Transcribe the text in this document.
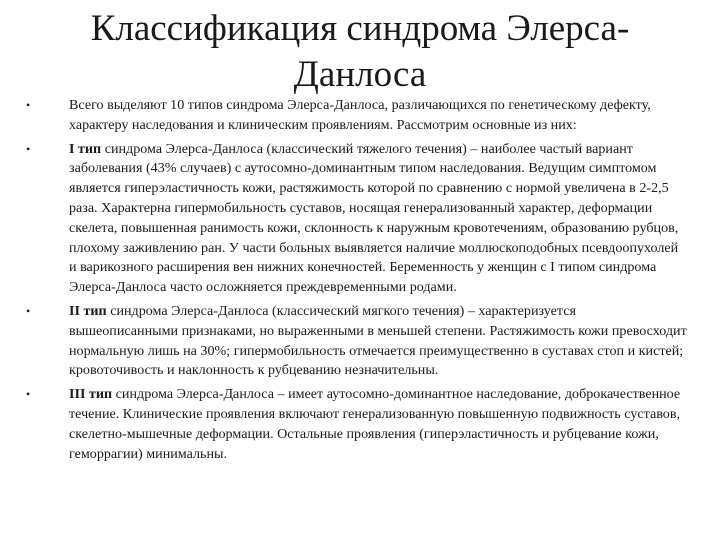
Классификация синдрома Элерса-
Данлоса
•	Всего выделяют 10 типов синдрома Элерса-Данлоса, различающихся по генетическому дефекту, характеру наследования и клиническим проявлениям. Рассмотрим основные из них:
•	I тип синдрома Элерса-Данлоса (классический тяжелого течения) – наиболее частый вариант заболевания (43% случаев) с аутосомно-доминантным типом наследования. Ведущим симптомом является гиперэластичность кожи, растяжимость которой по сравнению с нормой увеличена в 2-2,5 раза. Характерна гипермобильность суставов, носящая генерализованный характер, деформации скелета, повышенная ранимость кожи, склонность к наружным кровотечениям, образованию рубцов, плохому заживлению ран. У части больных выявляется наличие моллюскоподобных псевдоопухолей и варикозного расширения вен нижних конечностей. Беременность у женщин с I типом синдрома Элерса-Данлоса часто осложняется преждевременными родами.
•	II тип синдрома Элерса-Данлоса (классический мягкого течения) – характеризуется вышеописанными признаками, но выраженными в меньшей степени. Растяжимость кожи превосходит нормальную лишь на 30%; гипермобильность отмечается преимущественно в суставах стоп и кистей; кровоточивость и наклонность к рубцеванию незначительны.
•	III тип синдрома Элерса-Данлоса – имеет аутосомно-доминантное наследование, доброкачественное течение. Клинические проявления включают генерализованную повышенную подвижность суставов, скелетно-мышечные деформации. Остальные проявления (гиперэластичность и рубцевание кожи, геморрагии) минимальны.
